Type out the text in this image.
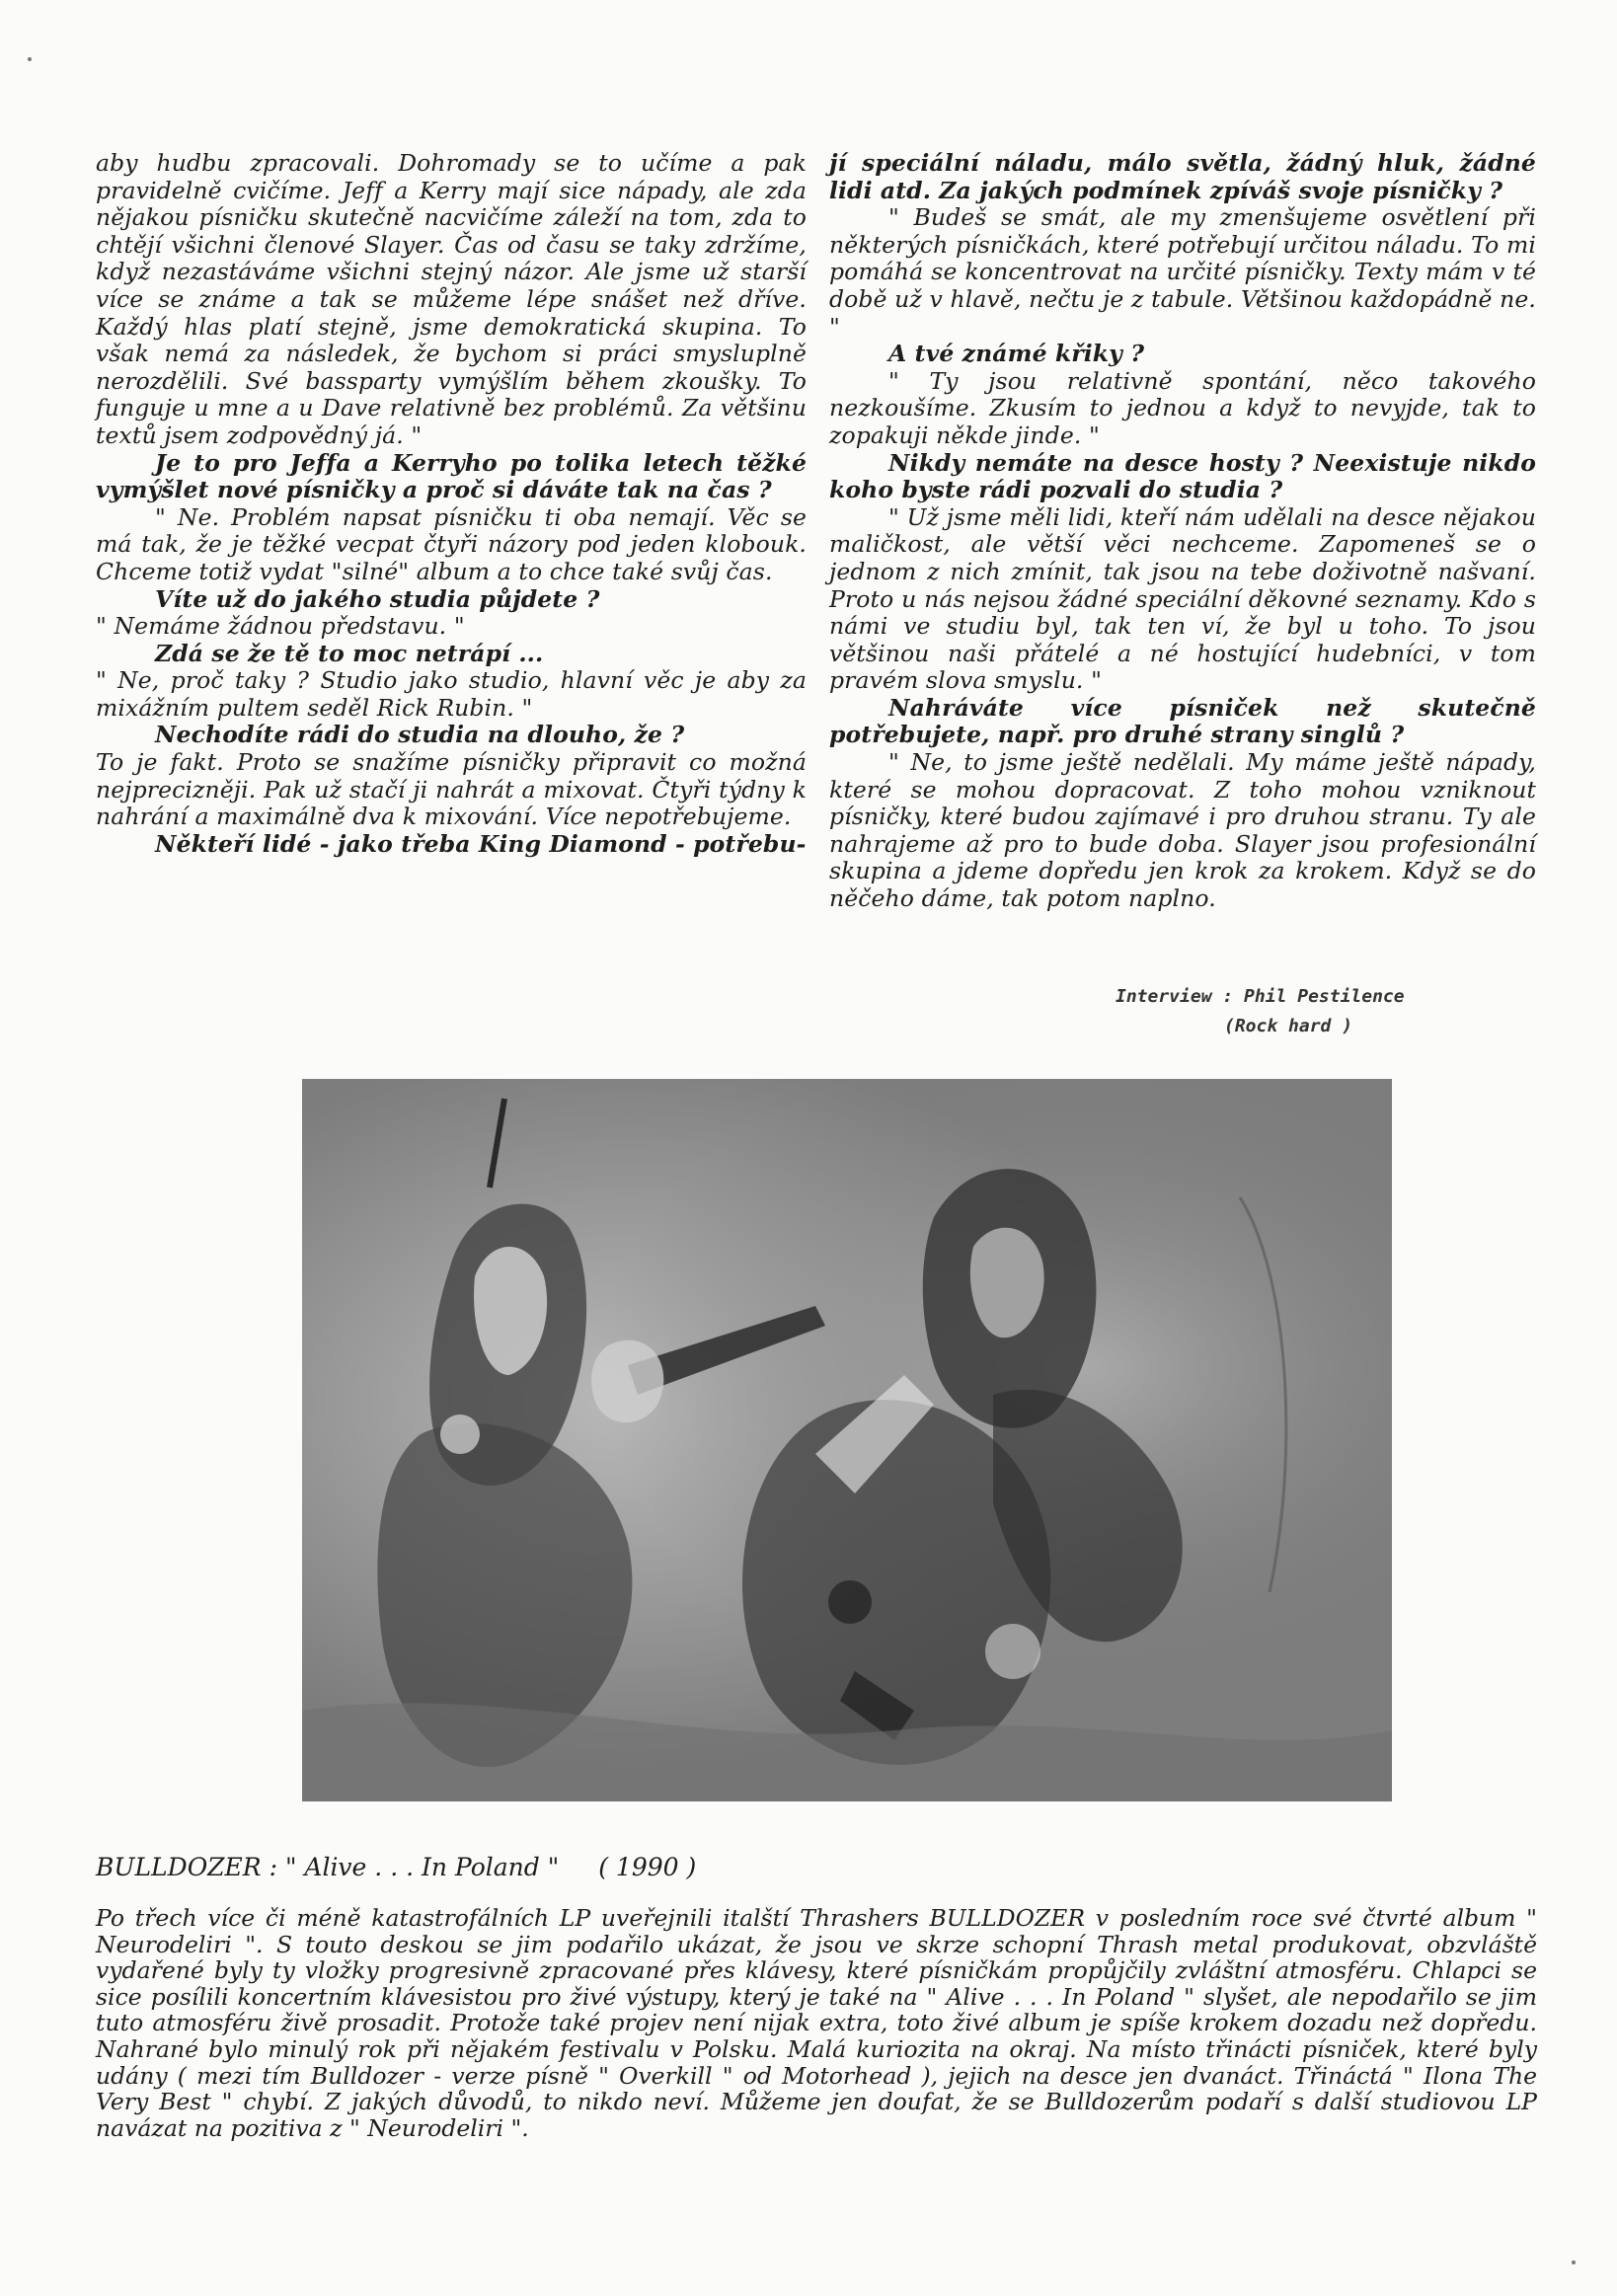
aby hudbu zpracovali. Dohromady se to učíme a pak pravidelně cvičíme. Jeff a Kerry mají sice nápady, ale zda nějakou písničku skutečně nacvičíme záleží na tom, zda to chtějí všichni členové Slayer. Čas od času se taky zdržíme, když nezastáváme všichni stejný názor. Ale jsme už starší více se známe a tak se můžeme lépe snášet než dříve. Každý hlas platí stejně, jsme demokratická skupina. To však nemá za následek, že bychom si práci smysluplně nerozdělili. Své bassparty vymýšlím během zkoušky. To funguje u mne a u Dave relativně bez problémů. Za většinu textů jsem zodpovědný já. "

Je to pro Jeffa a Kerryho po tolika letech těžké vymýšlet nové písničky a proč si dáváte tak na čas ?

" Ne. Problém napsat písničku ti oba nemají. Věc se má tak, že je těžké vecpat čtyři názory pod jeden klobouk. Chceme totiž vydat "silné" album a to chce také svůj čas.

Víte už do jakého studia půjdete ?

" Nemáme žádnou představu. "

Zdá se že tě to moc netrápí ...

" Ne, proč taky ? Studio jako studio, hlavní věc je aby za mixážním pultem seděl Rick Rubin. "

Nechodíte rádi do studia na dlouho, že ?

To je fakt. Proto se snažíme písničky připravit co možná nejprecizněji. Pak už stačí ji nahrát a mixovat. Čtyři týdny k nahrání a maximálně dva k mixování. Více nepotřebujeme.

Někteří lidé - jako třeba King Diamond - potřebu-

jí speciální náladu, málo světla, žádný hluk, žádné lidi atd. Za jakých podmínek zpíváš svoje písničky ?

" Budeš se smát, ale my zmenšujeme osvětlení při některých písničkách, které potřebují určitou náladu. To mi pomáhá se koncentrovat na určité písničky. Texty mám v té době už v hlavě, nečtu je z tabule. Většinou každopádně ne. "

A tvé známé křiky ?

" Ty jsou relativně spontání, něco takového nezkoušíme. Zkusím to jednou a když to nevyjde, tak to zopakuji někde jinde. "

Nikdy nemáte na desce hosty ? Neexistuje nikdo koho byste rádi pozvali do studia ?

" Už jsme měli lidi, kteří nám udělali na desce nějakou maličkost, ale větší věci nechceme. Zapomeneš se o jednom z nich zmínit, tak jsou na tebe doživotně našvaní. Proto u nás nejsou žádné speciální děkovné seznamy. Kdo s námi ve studiu byl, tak ten ví, že byl u toho. To jsou většinou naši přátelé a né hostující hudebníci, v tom pravém slova smyslu. "

Nahráváte více písniček než skutečně potřebujete, např. pro druhé strany singlů ?

" Ne, to jsme ještě nedělali. My máme ještě nápady, které se mohou dopracovat. Z toho mohou vzniknout písničky, které budou zajímavé i pro druhou stranu. Ty ale nahrajeme až pro to bude doba. Slayer jsou profesionální skupina a jdeme dopředu jen krok za krokem. Když se do něčeho dáme, tak potom naplno.

Interview : Phil Pestilence
(Rock hard )
BULLDOZER : " Alive . . . In Poland " ( 1990 )
Po třech více či méně katastrofálních LP uveřejnili italští Thrashers BULLDOZER v posledním roce své čtvrté album " Neurodeliri ". S touto deskou se jim podařilo ukázat, že jsou ve skrze schopní Thrash metal produkovat, obzvláště vydařené byly ty vložky progresivně zpracované přes klávesy, které písničkám propůjčily zvláštní atmosféru. Chlapci se sice posílili koncertním klávesistou pro živé výstupy, který je také na " Alive . . . In Poland " slyšet, ale nepodařilo se jim tuto atmosféru živě prosadit. Protože také projev není nijak extra, toto živé album je spíše krokem dozadu než dopředu. Nahrané bylo minulý rok při nějakém festivalu v Polsku. Malá kuriozita na okraj. Na místo třinácti písniček, které byly udány ( mezi tím Bulldozer - verze písně " Overkill " od Motorhead ), jejich na desce jen dvanáct. Třináctá " Ilona The Very Best " chybí. Z jakých důvodů, to nikdo neví. Můžeme jen doufat, že se Bulldozerům podaří s další studiovou LP navázat na pozitiva z " Neurodeliri ".
